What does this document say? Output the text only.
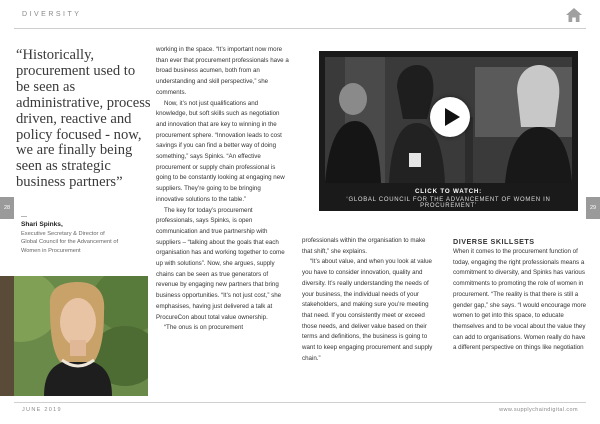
DIVERSITY
28	29
“Historically, procurement used to be seen as administrative, process driven, reactive and policy focused - now, we are finally being seen as strategic business partners”
—
Shari Spinks,
Executive Secretary & Director of Global Council for the Advancement of Women in Procurement

working in the space. “It’s important now more than ever that procurement professionals have a broad business acumen, both from an understanding and skill perspective,” she comments.

Now, it’s not just qualifications and knowledge, but soft skills such as negotiation and innovation that are key to winning in the procurement sphere. “Innovation leads to cost savings if you can find a better way of doing something,” says Spinks. “An effective procurement or supply chain professional is going to be constantly looking at engaging new suppliers. They’re going to be bringing innovative solutions to the table.”

The key for today’s procurement professionals, says Spinks, is open communication and true partnership with suppliers – “talking about the goals that each organisation has and working together to come up with solutions”. Now, she argues, supply chains can be seen as true generators of revenue by engaging new partners that bring business opportunities. “It’s not just cost,” she emphasises, having just delivered a talk at ProcureCon about total value ownership.

“The onus is on procurement

CLICK TO WATCH:
‘GLOBAL COUNCIL FOR THE ADVANCEMENT OF WOMEN IN PROCUREMENT’

professionals within the organisation to make that shift,” she explains.

“It’s about value, and when you look at value you have to consider innovation, quality and diversity. It’s really understanding the needs of your business, the individual needs of your stakeholders, and making sure you’re meeting that need. If you consistently meet or exceed those needs, and deliver value based on their terms and definitions, the business is going to want to keep engaging procurement and supply chain.”

DIVERSE SKILLSETS

When it comes to the procurement function of today, engaging the right professionals means a commitment to diversity, and Spinks has various commitments to promoting the role of women in procurement. “The reality is that there is still a gender gap,” she says. “I would encourage more women to get into this space, to educate themselves and to be vocal about the value they can add to organisations. Women really do have a different perspective on things like negotiation

JUNE 2019	www.supplychaindigital.com
